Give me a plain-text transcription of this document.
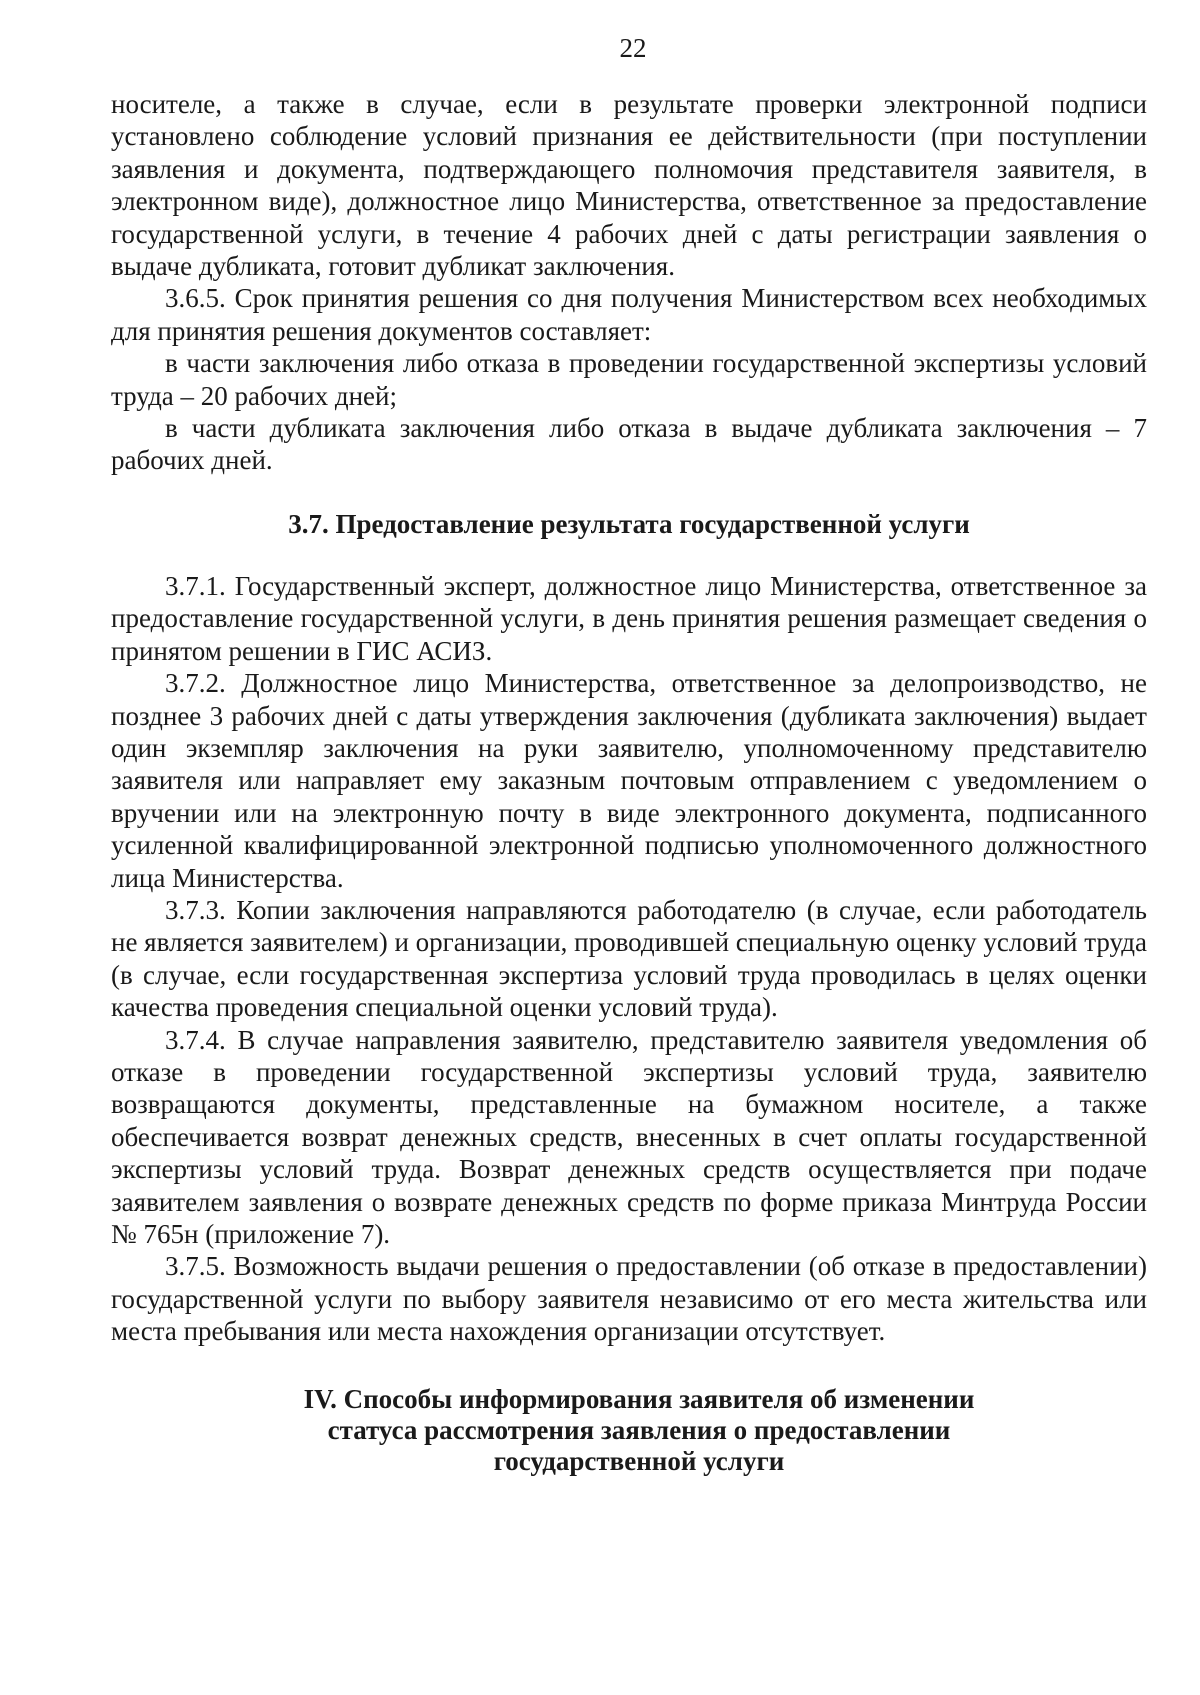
22

носителе, а также в случае, если в результате проверки электронной подписи установлено соблюдение условий признания ее действительности (при поступлении заявления и документа, подтверждающего полномочия представителя заявителя, в электронном виде), должностное лицо Министерства, ответственное за предоставление государственной услуги, в течение 4 рабочих дней с даты регистрации заявления о выдаче дубликата, готовит дубликат заключения.

3.6.5. Срок принятия решения со дня получения Министерством всех необходимых для принятия решения документов составляет:

в части заключения либо отказа в проведении государственной экспертизы условий труда – 20 рабочих дней;

в части дубликата заключения либо отказа в выдаче дубликата заключения – 7 рабочих дней.

3.7. Предоставление результата государственной услуги

3.7.1. Государственный эксперт, должностное лицо Министерства, ответственное за предоставление государственной услуги, в день принятия решения размещает сведения о принятом решении в ГИС АСИЗ.

3.7.2. Должностное лицо Министерства, ответственное за делопроизводство, не позднее 3 рабочих дней с даты утверждения заключения (дубликата заключения) выдает один экземпляр заключения на руки заявителю, уполномоченному представителю заявителя или направляет ему заказным почтовым отправлением с уведомлением о вручении или на электронную почту в виде электронного документа, подписанного усиленной квалифицированной электронной подписью уполномоченного должностного лица Министерства.

3.7.3. Копии заключения направляются работодателю (в случае, если работодатель не является заявителем) и организации, проводившей специальную оценку условий труда (в случае, если государственная экспертиза условий труда проводилась в целях оценки качества проведения специальной оценки условий труда).

3.7.4. В случае направления заявителю, представителю заявителя уведомления об отказе в проведении государственной экспертизы условий труда, заявителю возвращаются документы, представленные на бумажном носителе, а также обеспечивается возврат денежных средств, внесенных в счет оплаты государственной экспертизы условий труда. Возврат денежных средств осуществляется при подаче заявителем заявления о возврате денежных средств по форме приказа Минтруда России № 765н (приложение 7).

3.7.5. Возможность выдачи решения о предоставлении (об отказе в предоставлении) государственной услуги по выбору заявителя независимо от его места жительства или места пребывания или места нахождения организации отсутствует.

IV. Способы информирования заявителя об изменении
статуса рассмотрения заявления о предоставлении
государственной услуги
